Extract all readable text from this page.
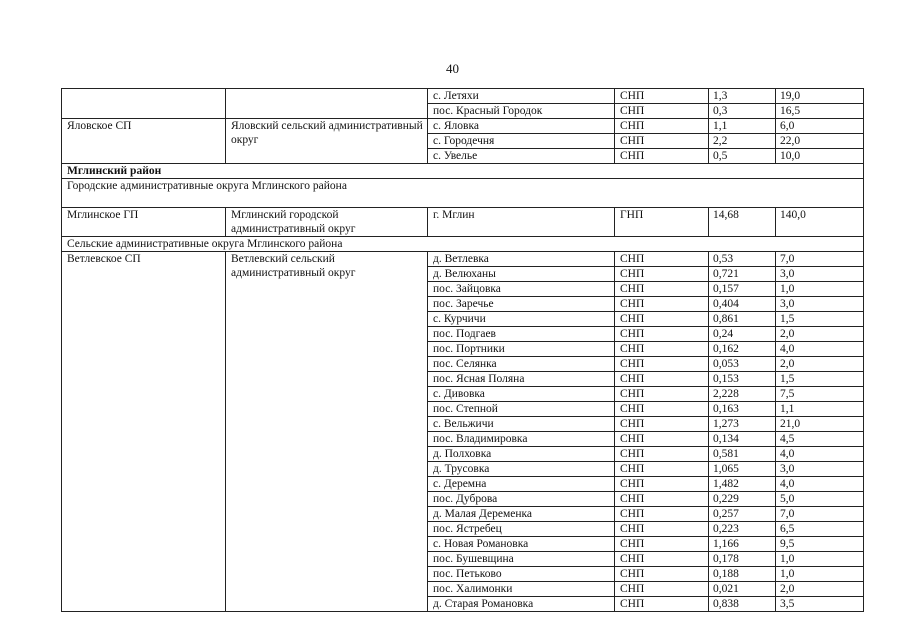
40
		с. Летяхи	СНП	1,3	19,0
		пос. Красный Городок	СНП	0,3	16,5
Яловское СП	Яловский сельский административный округ	с. Яловка	СНП	1,1	6,0
		с. Городечня	СНП	2,2	22,0
		с. Увелье	СНП	0,5	10,0
Мглинский район					
Городские административные округа Мглинского района					
Мглинское ГП	Мглинский городской административный округ	г. Мглин	ГНП	14,68	140,0
Сельские административные округа Мглинского района					
Ветлевское СП	Ветлевский сельский административный округ	д. Ветлевка	СНП	0,53	7,0
		д. Велюханы	СНП	0,721	3,0
		пос. Зайцовка	СНП	0,157	1,0
		пос. Заречье	СНП	0,404	3,0
		с. Курчичи	СНП	0,861	1,5
		пос. Подгаев	СНП	0,24	2,0
		пос. Портники	СНП	0,162	4,0
		пос. Селянка	СНП	0,053	2,0
		пос. Ясная Поляна	СНП	0,153	1,5
		с. Дивовка	СНП	2,228	7,5
		пос. Степной	СНП	0,163	1,1
		с. Вельжичи	СНП	1,273	21,0
		пос. Владимировка	СНП	0,134	4,5
		д. Полховка	СНП	0,581	4,0
		д. Трусовка	СНП	1,065	3,0
		с. Деремна	СНП	1,482	4,0
		пос. Дуброва	СНП	0,229	5,0
		д. Малая Деременка	СНП	0,257	7,0
		пос. Ястребец	СНП	0,223	6,5
		с. Новая Романовка	СНП	1,166	9,5
		пос. Бушевщина	СНП	0,178	1,0
		пос. Петьково	СНП	0,188	1,0
		пос. Халимонки	СНП	0,021	2,0
		д. Старая Романовка	СНП	0,838	3,5
